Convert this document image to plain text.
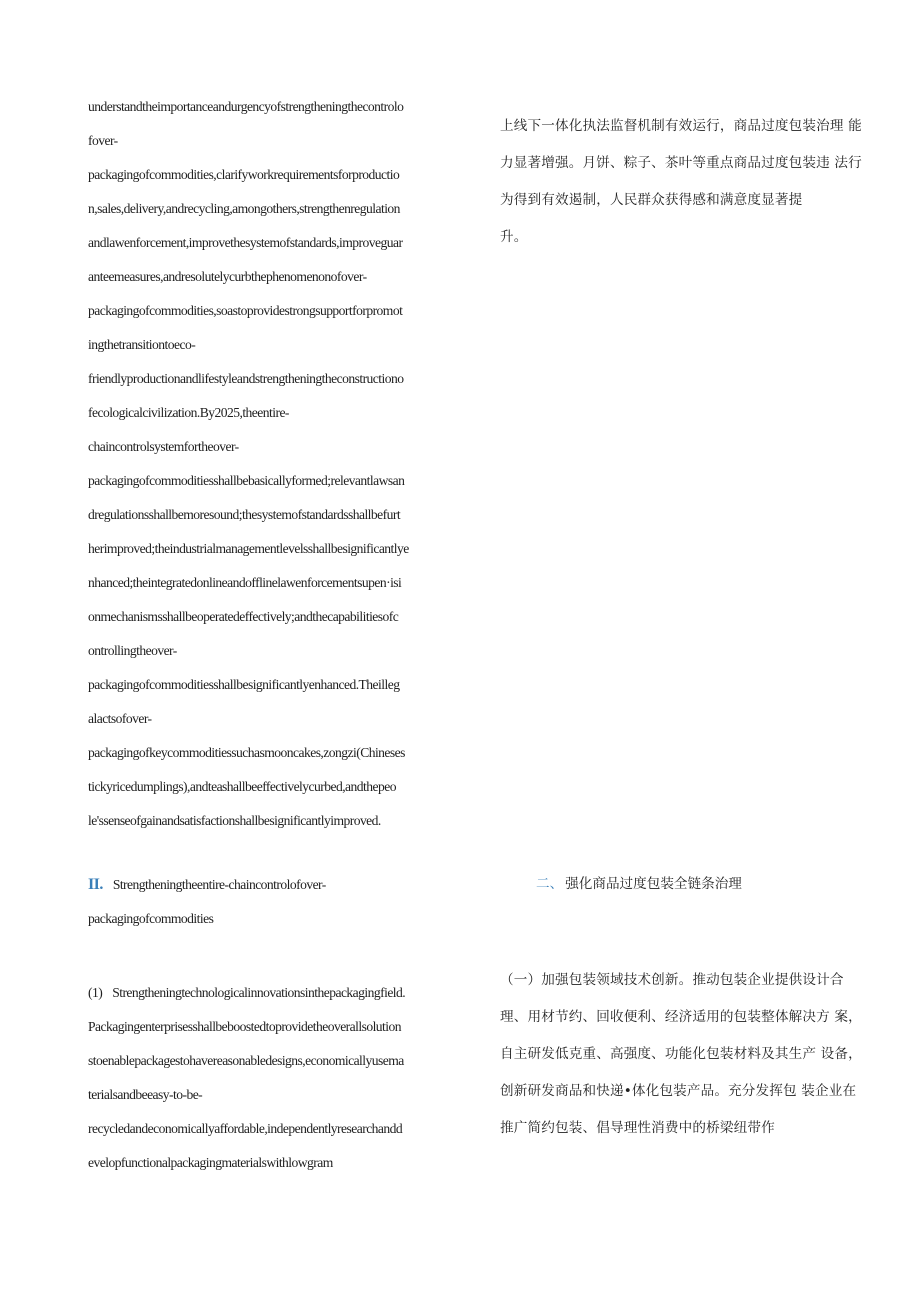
understandtheimportanceandurgencyofstrengtheningthecontrolo
fover-
packagingofcommodities,clarifyworkrequirementsforproductio
n,sales,delivery,andrecycling,amongothers,strengthenregulation
andlawenforcement,improvethesystemofstandards,improveguar
anteemeasures,andresolutelycurbthephenomenonofover-
packagingofcommodities,soastoprovidestrongsupportforpromot
ingthetransitiontoeco-
friendlyproductionandlifestyleandstrengtheningtheconstructiono
fecologicalcivilization.By2025,theentire-
chaincontrolsystemfortheover-
packagingofcommoditiesshallbebasicallyformed;relevantlawsan
dregulationsshallbemoresound;thesystemofstandardsshallbefurt
herimproved;theindustrialmanagementlevelsshallbesignificantlye
nhanced;theintegratedonlineandofflinelawenforcementsupen·isi
onmechanismsshallbeoperatedeffectively;andthecapabilitiesofc
ontrollingtheover-
packagingofcommoditiesshallbesignificantlyenhanced.Theilleg
alactsofover-
packagingofkeycommoditiessuchasmooncakes,zongzi(Chineses
tickyricedumplings),andteashallbeeffectivelycurbed,andthepeo
le'ssenseofgainandsatisfactionshallbesignificantlyimproved.
II. Strengtheningtheentire-chaincontrolofover-
packagingofcommodities
(1) Strengtheningtechnologicalinnovationsinthepackagingfield.
Packagingenterprisesshallbeboostedtoprovidetheoverallsolution
stoenablepackagestohavereasonabledesigns,economicallyusema
terialsandbeeasy-to-be-
recycledandeconomicallyaffordable,independentlyresearchandd
evelopfunctionalpackagingmaterialswithlowgram
上线下一体化执法监督机制有效运行，商品过度包装治理 能
力显著增强。月饼、粽子、茶叶等重点商品过度包装违 法行
为得到有效遏制，人民群众获得感和满意度显著提
升。
二、 强化商品过度包装全链条治理
（一）加强包装领域技术创新。推动包装企业提供设计合
理、用材节约、回收便利、经济适用的包装整体解决方 案，
自主研发低克重、高强度、功能化包装材料及其生产 设备，
创新研发商品和快递•体化包装产品。充分发挥包 装企业在
推广简约包装、倡导理性消费中的桥梁纽带作
